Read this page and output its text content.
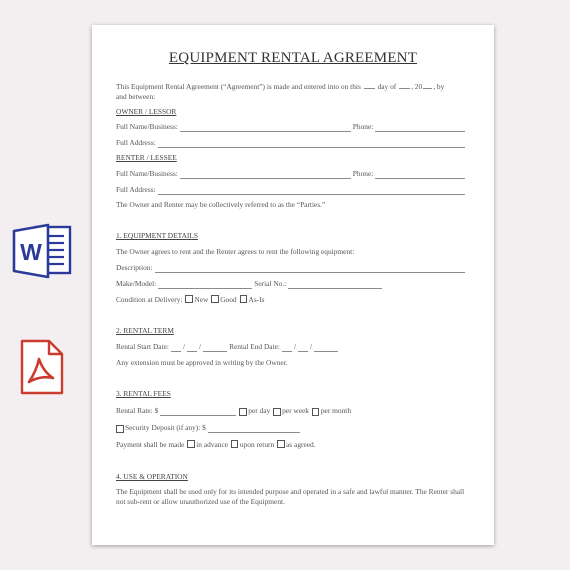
W
EQUIPMENT RENTAL AGREEMENT
This Equipment Rental Agreement (“Agreement”) is made and entered into on this day of , 20 , by
and between:
OWNER / LESSOR
Full Name/Business:	Phone:
Full Address:
RENTER / LESSEE
Full Name/Business:	Phone:
Full Address:
The Owner and Renter may be collectively referred to as the “Parties.”
1. EQUIPMENT DETAILS
The Owner agrees to rent and the Renter agrees to rent the following equipment:
Description:
Make/Model:	Serial No.:
Condition at Delivery: New Good As-Is
2. RENTAL TERM
Rental Start Date: / /	Rental End Date: / /
Any extension must be approved in writing by the Owner.
3. RENTAL FEES
Rental Rate: $	per day
per week
per month
Security Deposit (if any): $
Payment shall be made in advance upon return as agreed.
4. USE & OPERATION
The Equipment shall be used only for its intended purpose and operated in a safe and lawful manner. The Renter shall not sub-rent or allow unauthorized use of the Equipment.
